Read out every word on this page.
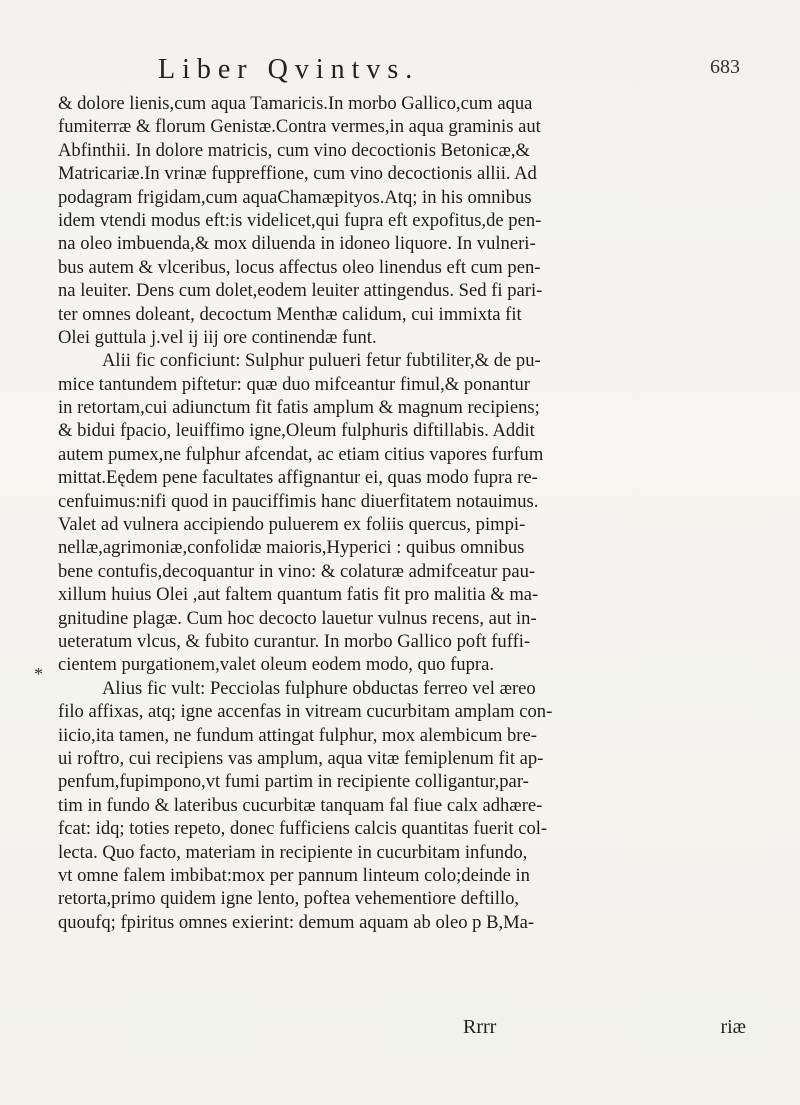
Liber Qvintvs.	683
*
& dolore lienis,cum aqua Tamaricis.In morbo Gallico,cum aqua
fumiterræ & florum Genistæ.Contra vermes,in aqua graminis aut
Abfinthii. In dolore matricis, cum vino decoctionis Betonicæ,&
Matricariæ.In vrinæ fuppreffione, cum vino decoctionis allii. Ad
podagram frigidam,cum aquaChamæpityos.Atq; in his omnibus
idem vtendi modus eft:is videlicet,qui fupra eft expofitus,de pen-
na oleo imbuenda,& mox diluenda in idoneo liquore. In vulneri-
bus autem & vlceribus, locus affectus oleo linendus eft cum pen-
na leuiter. Dens cum dolet,eodem leuiter attingendus. Sed fi pari-
ter omnes doleant, decoctum Menthæ calidum, cui immixta fit
Olei guttula j.vel ij iij ore continendæ funt.
Alii fic conficiunt: Sulphur pulueri fetur fubtiliter,& de pu-
mice tantundem piftetur: quæ duo mifceantur fimul,& ponantur
in retortam,cui adiunctum fit fatis amplum & magnum recipiens;
& bidui fpacio, leuiffimo igne,Oleum fulphuris diftillabis. Addit
autem pumex,ne fulphur afcendat, ac etiam citius vapores furfum
mittat.Eędem pene facultates affignantur ei, quas modo fupra re-
cenfuimus:nifi quod in pauciffimis hanc diuerfitatem notauimus.
Valet ad vulnera accipiendo puluerem ex foliis quercus, pimpi-
nellæ,agrimoniæ,confolidæ maioris,Hyperici : quibus omnibus
bene contufis,decoquantur in vino: & colaturæ admifceatur pau-
xillum huius Olei ,aut faltem quantum fatis fit pro malitia & ma-
gnitudine plagæ. Cum hoc decocto lauetur vulnus recens, aut in-
ueteratum vlcus, & fubito curantur. In morbo Gallico poft fuffi-
cientem purgationem,valet oleum eodem modo, quo fupra.
Alius fic vult: Pecciolas fulphure obductas ferreo vel æreo
filo affixas, atq; igne accenfas in vitream cucurbitam amplam con-
iicio,ita tamen, ne fundum attingat fulphur, mox alembicum bre-
ui roftro, cui recipiens vas amplum, aqua vitæ femiplenum fit ap-
penfum,fupimpono,vt fumi partim in recipiente colligantur,par-
tim in fundo & lateribus cucurbitæ tanquam fal fiue calx adhære-
fcat: idq; toties repeto, donec fufficiens calcis quantitas fuerit col-
lecta. Quo facto, materiam in recipiente in cucurbitam infundo,
vt omne falem imbibat:mox per pannum linteum colo;deinde in
retorta,primo quidem igne lento, poftea vehementiore deftillo,
quoufq; fpiritus omnes exierint: demum aquam ab oleo p B,Ma-
Rrrr	riæ
